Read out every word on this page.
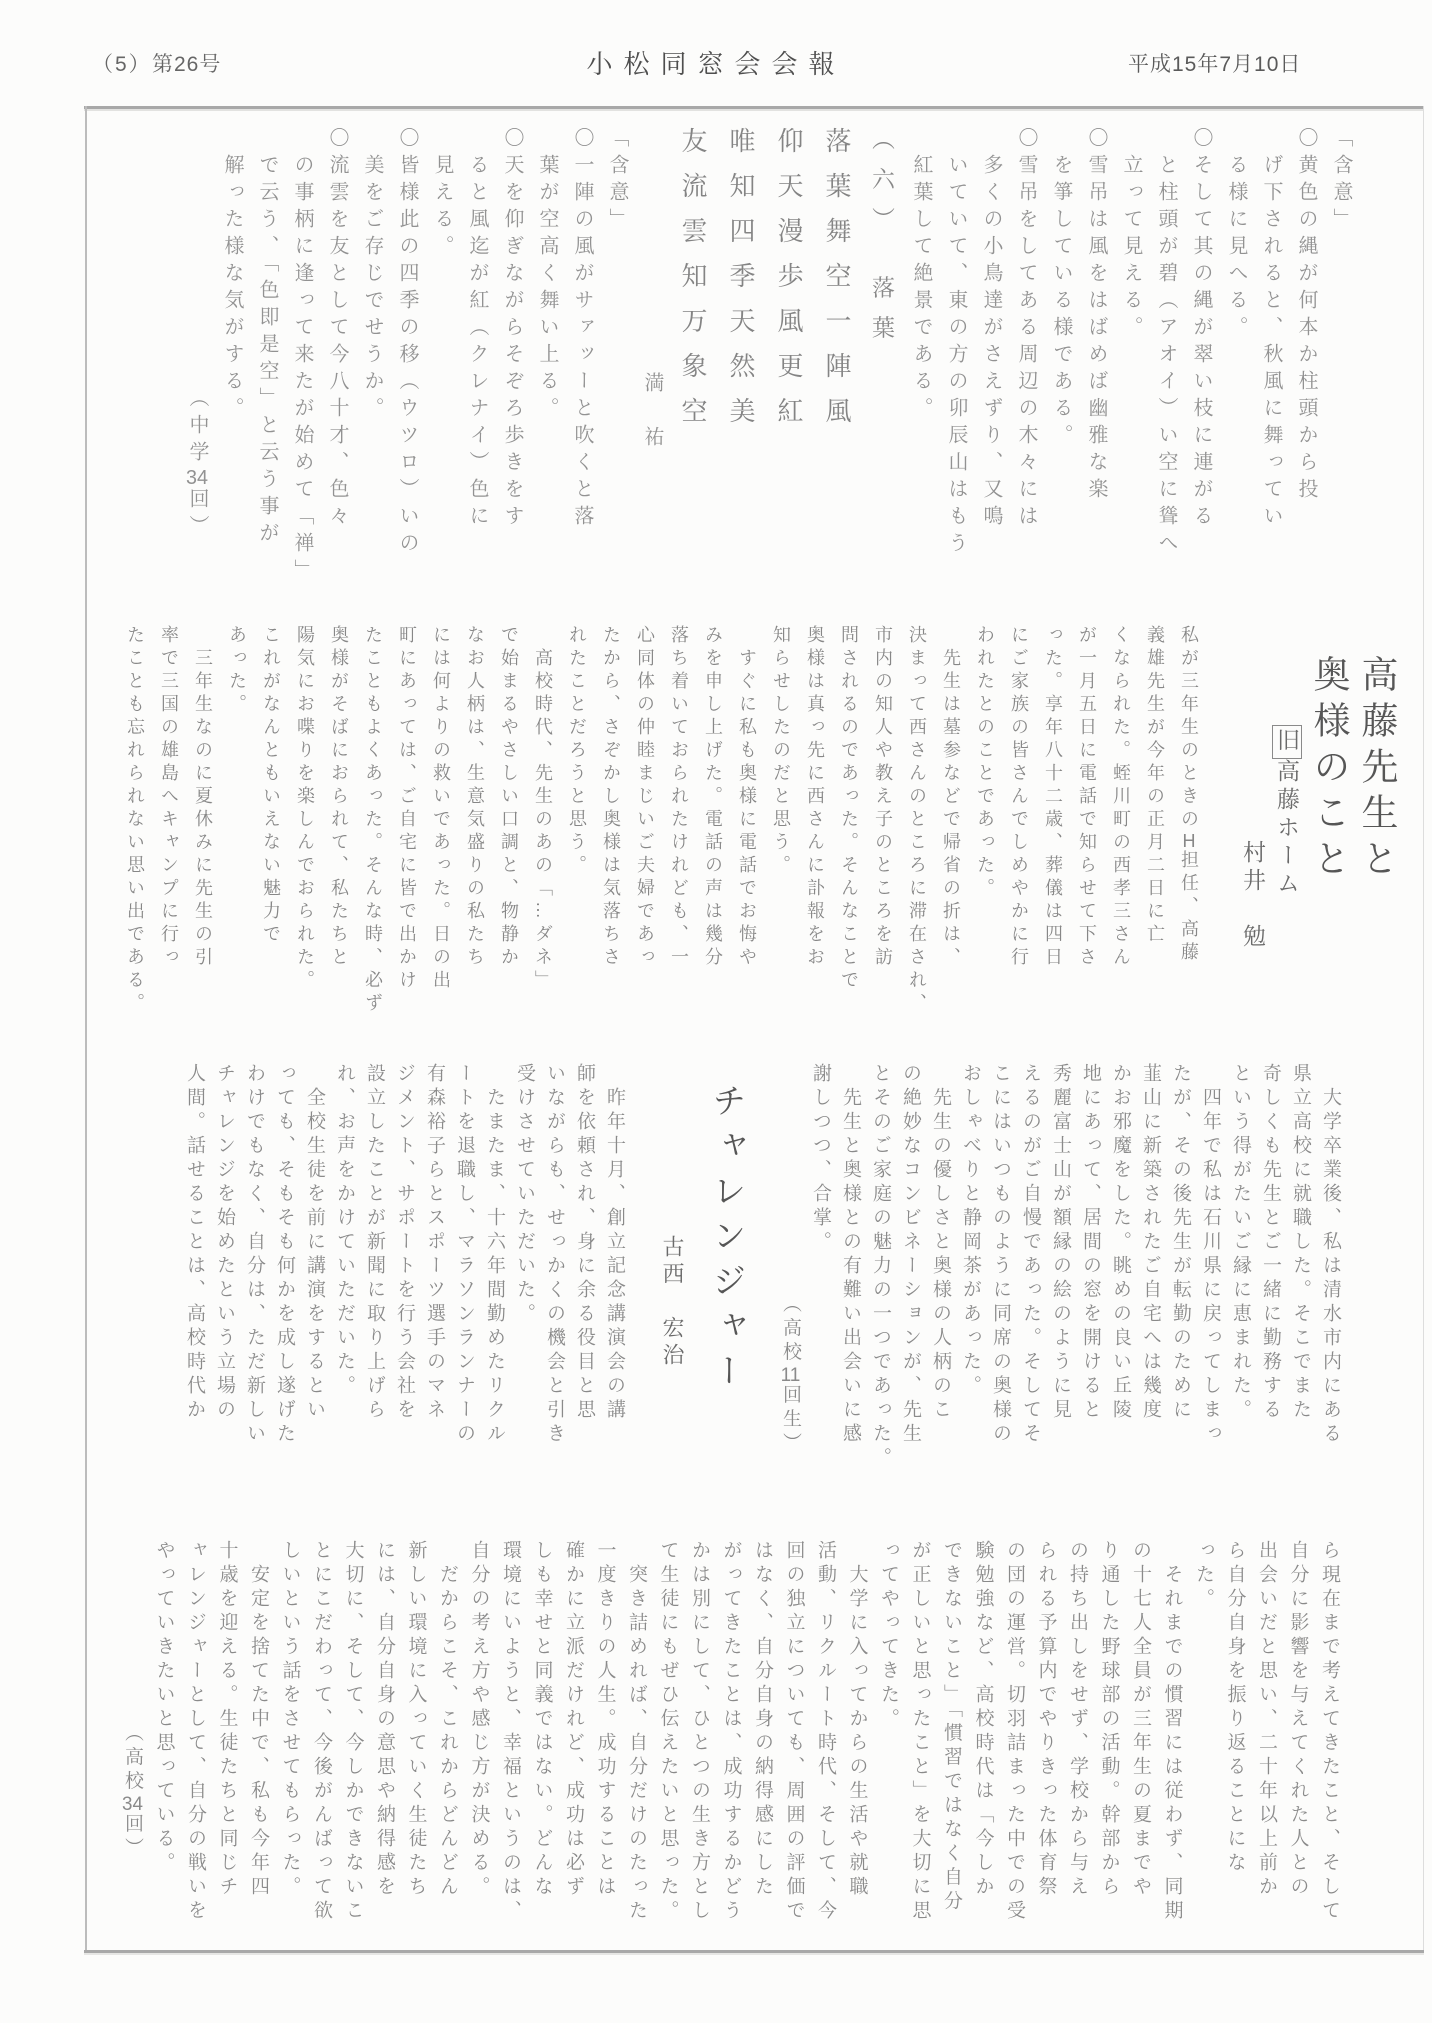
（5） 第26号	小松同窓会会報	平成15年7月10日
「含意」
〇黄色の縄が何本か柱頭から投
　げ下されると、秋風に舞ってい
　る様に見へる。
〇そして其の縄が翠い枝に連がる
　と柱頭が碧（アオイ）い空に聳へ
　立って見える。
〇雪吊は風をはばめば幽雅な楽
　を箏している様である。
〇雪吊をしてある周辺の木々には
　多くの小鳥達がさえずり、又鳴
　いていて、東の方の卯辰山はもう
　紅葉して絶景である。
（六）　落葉
落葉舞空一陣風
仰天漫歩風更紅
唯知四季天然美
友流雲知万象空
　　　　　　　　　満　祐
「含意」
〇一陣の風がサァッーと吹くと落
　葉が空高く舞い上る。
〇天を仰ぎながらそぞろ歩きをす
　ると風迄が紅（クレナイ）色に
　見える。
〇皆様此の四季の移（ウツロ）いの
　美をご存じでせうか。
〇流雲を友として今八十才、色々
　の事柄に逢って来たが始めて「禅」
　で云う、「色即是空」と云う事が
　解った様な気がする。
　　　　　　　　　　（中学34回）
高藤先生と
奥様のこと
旧高藤ホーム
村井　勉
私が三年生のときのH担任、高藤
義雄先生が今年の正月二日に亡
くなられた。蛭川町の西孝三さん
が一月五日に電話で知らせて下さ
った。享年八十二歳、葬儀は四日
にご家族の皆さんでしめやかに行
われたとのことであった。
　先生は墓参などで帰省の折は、
決まって西さんのところに滞在され、
市内の知人や教え子のところを訪
問されるのであった。そんなことで
奥様は真っ先に西さんに訃報をお
知らせしたのだと思う。
　すぐに私も奥様に電話でお悔や
みを申し上げた。電話の声は幾分
落ち着いておられたけれども、一
心同体の仲睦まじいご夫婦であっ
たから、さぞかし奥様は気落ちさ
れたことだろうと思う。
　高校時代、先生のあの「…ダネ」
で始まるやさしい口調と、物静か
なお人柄は、生意気盛りの私たち
には何よりの救いであった。日の出
町にあっては、ご自宅に皆で出かけ
たこともよくあった。そんな時、必ず
奥様がそばにおられて、私たちと
陽気にお喋りを楽しんでおられた。
これがなんともいえない魅力で
あった。
　三年生なのに夏休みに先生の引
率で三国の雄島へキャンプに行っ
たことも忘れられない思い出である。
　大学卒業後、私は清水市内にある
県立高校に就職した。そこでまた
奇しくも先生とご一緒に勤務する
という得がたいご縁に恵まれた。
　四年で私は石川県に戻ってしまっ
たが、その後先生が転勤のために
韮山に新築されたご自宅へは幾度
かお邪魔をした。眺めの良い丘陵
地にあって、居間の窓を開けると
秀麗富士山が額縁の絵のように見
えるのがご自慢であった。そしてそ
こにはいつものように同席の奥様の
おしゃべりと静岡茶があった。
　先生の優しさと奥様の人柄のこ
の絶妙なコンビネーションが、先生
とそのご家庭の魅力の一つであった。
　先生と奥様との有難い出会いに感
謝しつつ、合掌。
　　　　　　　　　　（高校11回生）
チャレンジャー
古西　宏治
　昨年十月、創立記念講演会の講
師を依頼され、身に余る役目と思
いながらも、せっかくの機会と引き
受けさせていただいた。
　たまたま、十六年間勤めたリクル
ートを退職し、マラソンランナーの
有森裕子らとスポーツ選手のマネ
ジメント、サポートを行う会社を
設立したことが新聞に取り上げら
れ、お声をかけていただいた。
　全校生徒を前に講演をするとい
っても、そもそも何かを成し遂げた
わけでもなく、自分は、ただ新しい
チャレンジを始めたという立場の
人間。話せることは、高校時代か
ら現在まで考えてきたこと、そして
自分に影響を与えてくれた人との
出会いだと思い、二十年以上前か
ら自分自身を振り返ることにな
った。
　それまでの慣習には従わず、同期
の十七人全員が三年生の夏までや
り通した野球部の活動。幹部から
の持ち出しをせず、学校から与え
られる予算内でやりきった体育祭
の団の運営。切羽詰まった中での受
験勉強など、高校時代は「今しか
できないこと」「慣習ではなく自分
が正しいと思ったこと」を大切に思
ってやってきた。
　大学に入ってからの生活や就職
活動、リクルート時代、そして、今
回の独立についても、周囲の評価で
はなく、自分自身の納得感にした
がってきたことは、成功するかどう
かは別にして、ひとつの生き方とし
て生徒にもぜひ伝えたいと思った。
　突き詰めれば、自分だけのたった
一度きりの人生。成功することは
確かに立派だけれど、成功は必ず
しも幸せと同義ではない。どんな
環境にいようと、幸福というのは、
自分の考え方や感じ方が決める。
　だからこそ、これからどんどん
新しい環境に入っていく生徒たち
には、自分自身の意思や納得感を
大切に、そして、今しかできないこ
とにこだわって、今後がんばって欲
しいという話をさせてもらった。
　安定を捨てた中で、私も今年四
十歳を迎える。生徒たちと同じチ
ャレンジャーとして、自分の戦いを
やっていきたいと思っている。
　　　　　　　　（高校34回）
